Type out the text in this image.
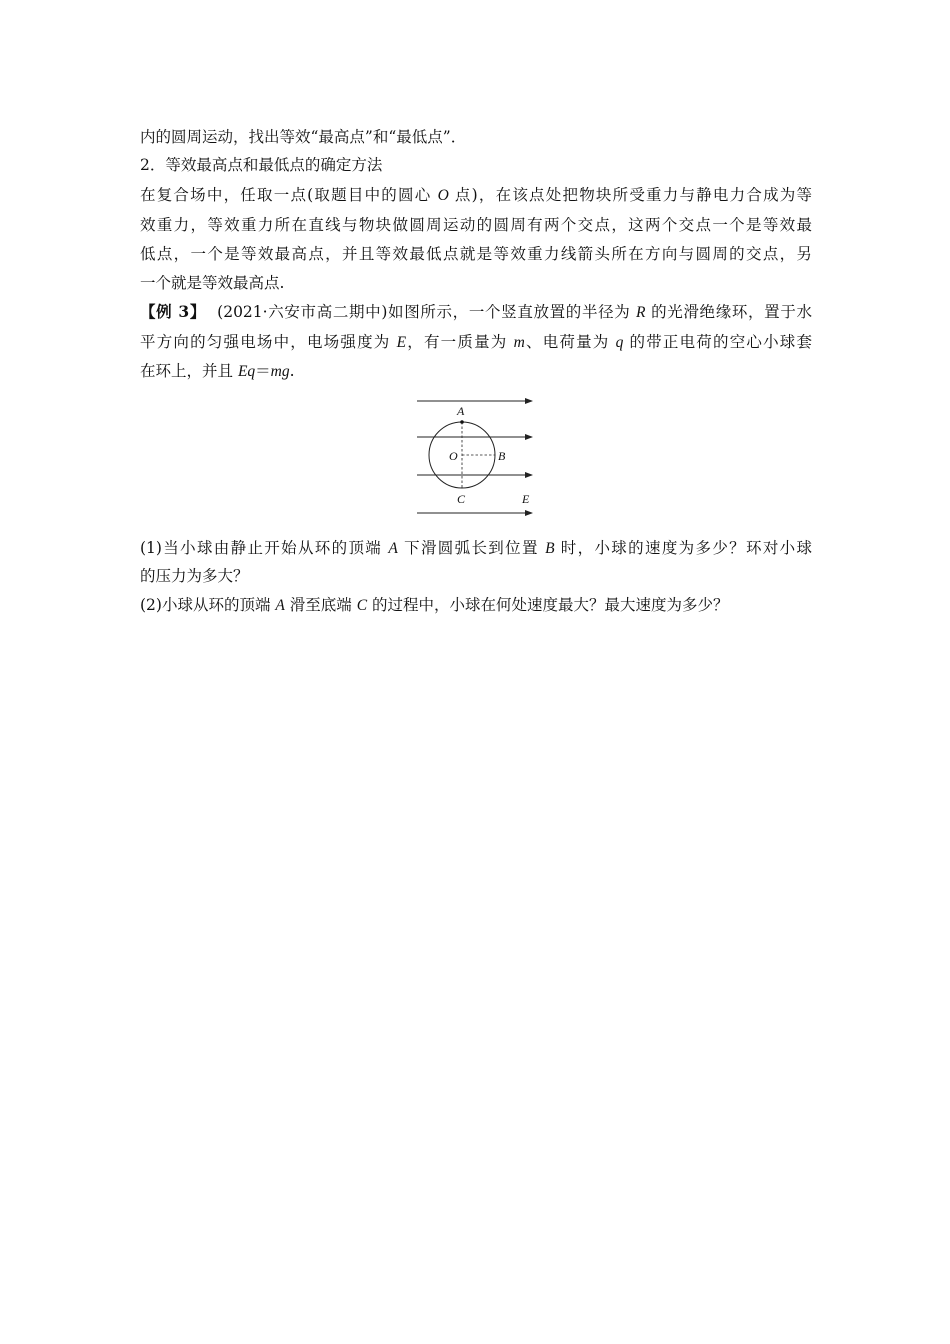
内的圆周运动，找出等效“最高点”和“最低点”．
2．等效最高点和最低点的确定方法
在复合场中，任取一点(取题目中的圆心 O 点)，在该点处把物块所受重力与静电力合成为等
效重力，等效重力所在直线与物块做圆周运动的圆周有两个交点，这两个交点一个是等效最
低点，一个是等效最高点，并且等效最低点就是等效重力线箭头所在方向与圆周的交点，另
一个就是等效最高点.
【例 3】 (2021·六安市高二期中)如图所示，一个竖直放置的半径为 R 的光滑绝缘环，置于水
平方向的匀强电场中，电场强度为 E，有一质量为 m、电荷量为 q 的带正电荷的空心小球套
在环上，并且 Eq＝mg.
A
O	B
C	E
(1)当小球由静止开始从环的顶端 A 下滑圆弧长到位置 B 时，小球的速度为多少？环对小球
的压力为多大？
(2)小球从环的顶端 A 滑至底端 C 的过程中，小球在何处速度最大？最大速度为多少？
